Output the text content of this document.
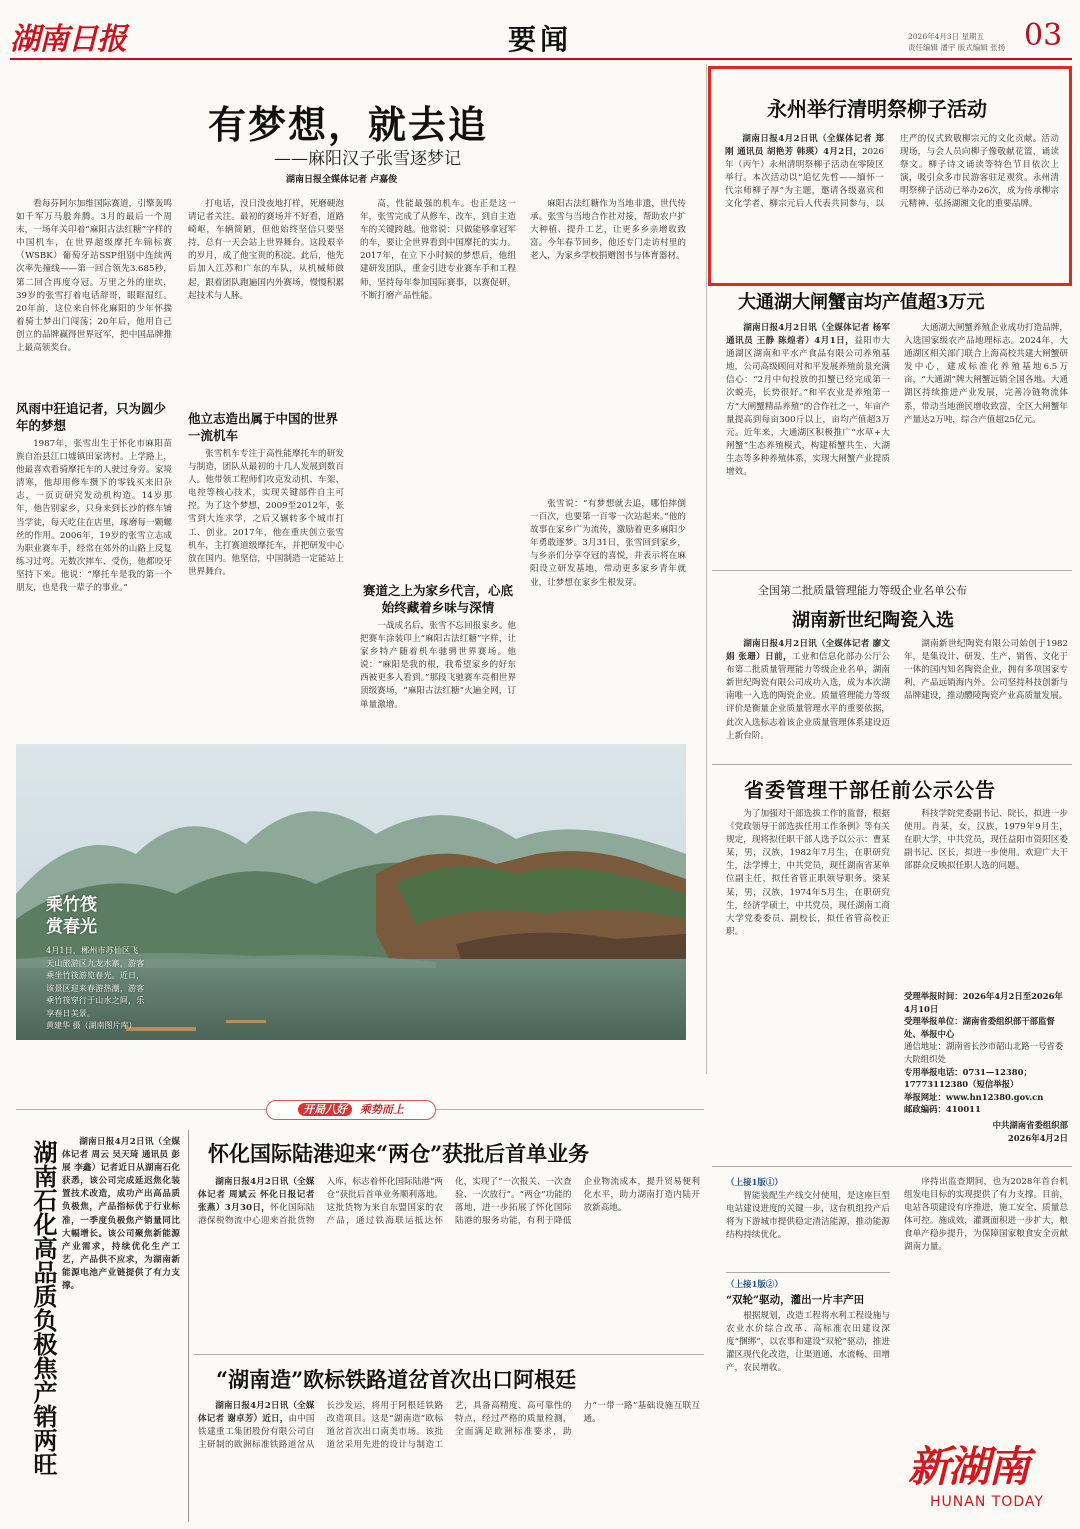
湖南日报	要闻	2026年4月3日 星期五
责任编辑 潘宇 版式编辑 张扬 03
有梦想，就去追
——麻阳汉子张雪逐梦记
湖南日报全媒体记者 卢嘉俊

看每芬阿尔加维国际赛道，引擎轰鸣如千军万马般奔腾。3月的最后一个周末，一场年关印着“麻阳古法红糖”字样的中国机车，在世界超级摩托车锦标赛（WSBK）葡萄牙站SSP组别中连续两次率先撞线——第一回合领先3.685秒，第二回合再度夺冠。万里之外的崖坎，39岁的张雪打着电话辞哥，眼眶湿红。20年前，这位来自怀化麻阳的少年怀揣着骑士梦出门闯荡；20年后，他用自己创立的品牌赢得世界冠军，把中国品牌推上最高领奖台。

风雨中狂追记者，只为圆少年的梦想

1987年，张雪出生于怀化市麻阳苗族自治县江口墟镇田家湾村。上学路上，他最喜欢看骑摩托车的人驶过身旁。家境清寒，他却用修车攒下的零钱买来旧杂志，一页页研究发动机构造。14岁那年，他告别家乡，只身来到长沙的修车铺当学徒，每天吃住在店里，琢磨每一颗螺丝的作用。2006年，19岁的张雪立志成为职业赛车手，经常在郊外的山路上反复练习过弯。无数次摔车、受伤，他都咬牙坚持下来。他说：“摩托车是我的第一个朋友，也是我一辈子的事业。”

打电话，没日没夜地打样，死磨硬泡请记者关注。最初的赛场并不好看，道路崎岖，车辆简陋，但他始终坚信只要坚持，总有一天会站上世界舞台。这段艰辛的岁月，成了他宝贵的积淀。此后，他先后加入江苏和广东的车队，从机械师做起，跟着团队跑遍国内外赛场，慢慢积累起技术与人脉。

他立志造出属于中国的世界一流机车

张雪机车专注于高性能摩托车的研发与制造，团队从最初的十几人发展到数百人。他带领工程师们攻克发动机、车架、电控等核心技术，实现关键部件自主可控。为了这个梦想，2009至2012年，张雪到大连求学，之后又辗转多个城市打工、创业。2017年，他在重庆创立张雪机车，主打赛道级摩托车，并把研发中心放在国内。他坚信，中国制造一定能站上世界舞台。

高，性能最强的机车。也正是这一年，张雪完成了从修车、改车，到自主造车的关键跨越。他常说：只做能够拿冠军的车，要让全世界看到中国摩托的实力。2017年，在立下小时候的梦想后，他组建研发团队，重金引进专业赛车手和工程师，坚持每年参加国际赛事，以赛促研，不断打磨产品性能。

赛道之上为家乡代言，心底始终藏着乡味与深情

一战成名后，张雪不忘回报家乡。他把赛车涂装印上“麻阳古法红糖”字样，让家乡特产随着机车驰骋世界赛场。他说：“麻阳是我的根，我希望家乡的好东西被更多人看到。”那段飞驰赛车亮相世界顶级赛场，“麻阳古法红糖”火遍全网，订单量激增。

麻阳古法红糖作为当地非遗，世代传承。张雪与当地合作社对接，帮助农户扩大种植、提升工艺，让更多乡亲增收致富。今年春节回乡，他还专门走访村里的老人，为家乡学校捐赠图书与体育器材。

张雪说：“有梦想就去追，哪怕摔倒一百次，也要第一百零一次站起来。”他的故事在家乡广为流传，激励着更多麻阳少年勇敢逐梦。3月31日，张雪回到家乡，与乡亲们分享夺冠的喜悦，并表示将在麻阳设立研发基地，带动更多家乡青年就业，让梦想在家乡生根发芽。

乘竹筏 赏春光
4月1日，郴州市苏仙区飞天山旅游区九龙水寨，游客乘坐竹筏游览春光。近日，该景区迎来春游热潮，游客乘竹筏穿行于山水之间，乐享春日美景。
黄建华 摄（湖南图片库）
永州举行清明祭柳子活动

湖南日报4月2日讯（全媒体记者 郑刚 通讯员 胡艳芳 韩瑛）4月2日，2026年（丙午）永州清明祭柳子活动在零陵区举行。本次活动以“追忆先哲——缅怀一代宗师柳子厚”为主题，邀请各级嘉宾和文化学者、柳宗元后人代表共同参与，以庄严的仪式致敬柳宗元的文化贡献。活动现场，与会人员向柳子像敬献花篮，诵读祭文。柳子诗文诵读等特色节目依次上演，吸引众多市民游客驻足观赏。永州清明祭柳子活动已举办26次，成为传承柳宗元精神、弘扬湖湘文化的重要品牌。

大通湖大闸蟹亩均产值超3万元

湖南日报4月2日讯（全媒体记者 杨军 通讯员 王静 陈煌者）4月1日，益阳市大通湖区湖南和平水产食品有限公司养殖基地，公司高级顾问对和平发展养殖前景充满信心：“2月中旬投放的扣蟹已经完成第一次蜕壳，长势很好。”和平农业是养殖第一方“大闸蟹精品养殖”的合作社之一，年亩产量提高到每亩300斤以上，亩均产值超3万元。近年来，大通湖区积极推广“水草+大闸蟹”生态养殖模式，构建稻蟹共生、大湖生态等多种养殖体系，实现大闸蟹产业提质增效。

大通湖大闸蟹养殖企业成功打造品牌，入选国家级农产品地理标志。2024年，大通湖区相关部门联合上海高校共建大闸蟹研发中心，建成标准化养殖基地6.5万亩，“大通湖”牌大闸蟹远销全国各地。大通湖区持续推进产业发展，完善冷链物流体系，带动当地渔民增收致富，全区大闸蟹年产量达2万吨，综合产值超25亿元。

全国第二批质量管理能力等级企业名单公布
湖南新世纪陶瓷入选

湖南日报4月2日讯（全媒体记者 廖文娟 张珊）日前，工业和信息化部办公厅公布第二批质量管理能力等级企业名单，湖南新世纪陶瓷有限公司成功入选，成为本次湖南唯一入选的陶瓷企业。质量管理能力等级评价是衡量企业质量管理水平的重要依据，此次入选标志着该企业质量管理体系建设迈上新台阶。

湖南新世纪陶瓷有限公司始创于1982年，是集设计、研发、生产、销售、文化于一体的国内知名陶瓷企业，拥有多项国家专利，产品远销海内外。公司坚持科技创新与品牌建设，推动醴陵陶瓷产业高质量发展。

省委管理干部任前公示公告

为了加强对干部选拔工作的监督，根据《党政领导干部选拔任用工作条例》等有关规定，现将拟任职干部人选予以公示：曹某某，男，汉族，1982年7月生，在职研究生，法学博士，中共党员，现任湖南省某单位副主任，拟任省管正职领导职务。梁某某，男，汉族，1974年5月生，在职研究生，经济学硕士，中共党员，现任湖南工商大学党委委员、副校长，拟任省管高校正职。

科技学院党委副书记、院长，拟进一步使用。肖某，女，汉族，1979年9月生，在职大学，中共党员，现任益阳市资阳区委副书记、区长，拟进一步使用。欢迎广大干部群众反映拟任职人选的问题。

受理举报时间：2026年4月2日至2026年4月10日
受理举报单位：湖南省委组织部干部监督处、举报中心
通信地址：湖南省长沙市韶山北路一号省委大院组织处
专用举报电话：0731—12380；17773112380（短信举报）
举报网址：www.hn12380.gov.cn
邮政编码：410011
中共湖南省委组织部
2026年4月2日
开局八好 乘势而上
湖南石化高品质负极焦产销两旺	湖南日报4月2日讯（全媒体记者 周云 吴天琦 通讯员 彭展 李鑫）记者近日从湖南石化获悉，该公司完成延迟焦化装置技术改造，成功产出高品质负极焦，产品指标优于行业标准，一季度负极焦产销量同比大幅增长。该公司聚焦新能源产业需求，持续优化生产工艺，产品供不应求，为湖南新能源电池产业链提供了有力支撑。

怀化国际陆港迎来“两仓”获批后首单业务

湖南日报4月2日讯（全媒体记者 周斌云 怀化日报记者 张燕）3月30日，怀化国际陆港保税物流中心迎来首批货物入库，标志着怀化国际陆港“两仓”获批后首单业务顺利落地。这批货物为来自东盟国家的农产品，通过铁海联运抵达怀化，实现了“一次报关、一次查验、一次放行”。“两仓”功能的落地，进一步拓展了怀化国际陆港的服务功能，有利于降低企业物流成本，提升贸易便利化水平，助力湖南打造内陆开放新高地。

“湖南造”欧标铁路道岔首次出口阿根廷

湖南日报4月2日讯（全媒体记者 谢卓芳）近日，由中国铁建重工集团股份有限公司自主研制的欧洲标准铁路道岔从长沙发运，将用于阿根廷铁路改造项目。这是“湖南造”欧标道岔首次出口南美市场。该批道岔采用先进的设计与制造工艺，具备高精度、高可靠性的特点，经过严格的质量检测，全面满足欧洲标准要求，助力“一带一路”基础设施互联互通。

（上接1版①）

智能装配生产线交付使用，是这座巨型电站建设进度的关键一步，这台机组投产后将为下游城市提供稳定清洁能源，推动能源结构持续优化。

（上接1版②）
“双轮”驱动，灌出一片丰产田

根据规划，改造工程将水利工程设施与农业水价综合改革、高标准农田建设深度“捆绑”，以农事和建设“双轮”驱动，推进灌区现代化改造，让渠道通、水流畅、田增产，农民增收。

序持出监查期间，也为2028年首台机组发电目标的实现提供了有力支撑。目前，电站各项建设有序推进，施工安全、质量总体可控。施成效，灌溉面积进一步扩大，粮食单产稳步提升，为保障国家粮食安全贡献湖南力量。

新湖南
HUNAN TODAY
